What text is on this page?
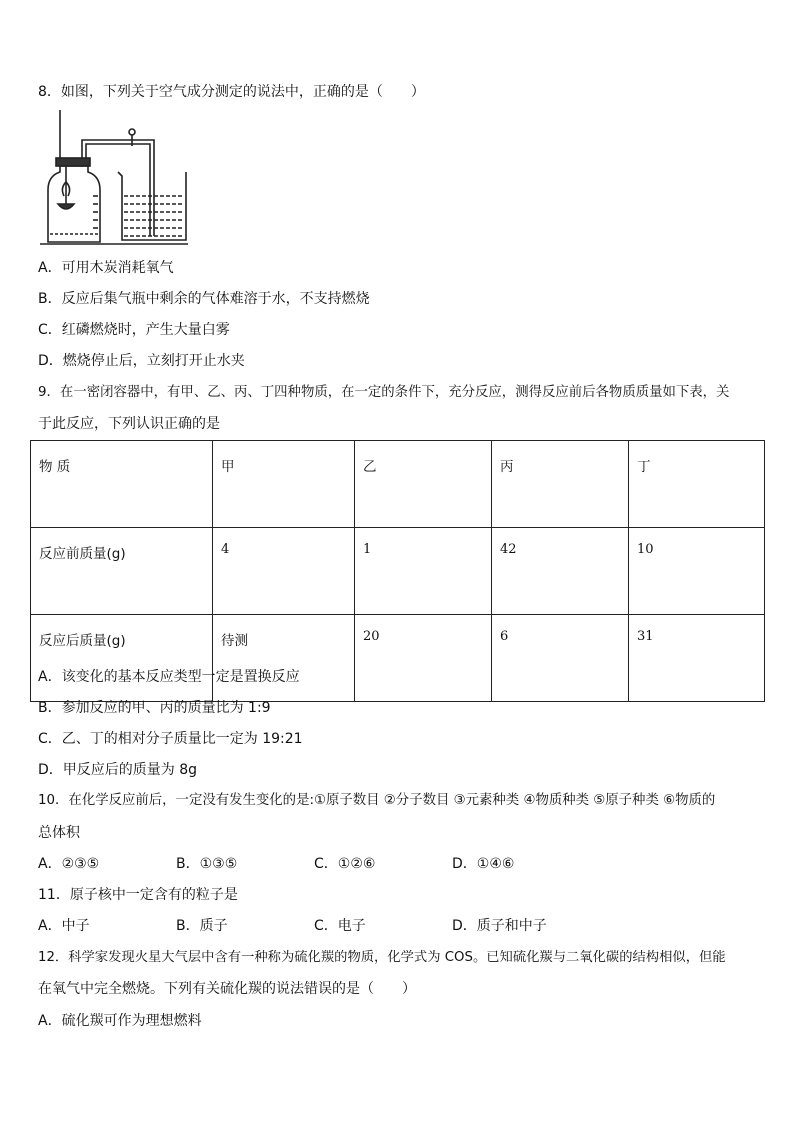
8．如图，下列关于空气成分测定的说法中，正确的是（　　）
A．可用木炭消耗氧气
B．反应后集气瓶中剩余的气体难溶于水，不支持燃烧
C．红磷燃烧时，产生大量白雾
D．燃烧停止后，立刻打开止水夹
9．在一密闭容器中，有甲、乙、丙、丁四种物质，在一定的条件下，充分反应，测得反应前后各物质质量如下表，关
于此反应，下列认识正确的是
物 质	甲	乙	丙	丁
反应前质量(g)	4	1	42	10
反应后质量(g)	待测	20	6	31
A．该变化的基本反应类型一定是置换反应
B．参加反应的甲、丙的质量比为 1:9
C．乙、丁的相对分子质量比一定为 19:21
D．甲反应后的质量为 8g
10．在化学反应前后，一定没有发生变化的是:①原子数目 ②分子数目 ③元素种类 ④物质种类 ⑤原子种类 ⑥物质的
总体积
A．②③⑤	B．①③⑤	C．①②⑥	D．①④⑥
11．原子核中一定含有的粒子是
A．中子	B．质子	C．电子	D．质子和中子
12．科学家发现火星大气层中含有一种称为硫化羰的物质，化学式为 COS。已知硫化羰与二氧化碳的结构相似，但能
在氧气中完全燃烧。下列有关硫化羰的说法错误的是（　　）
A．硫化羰可作为理想燃料
